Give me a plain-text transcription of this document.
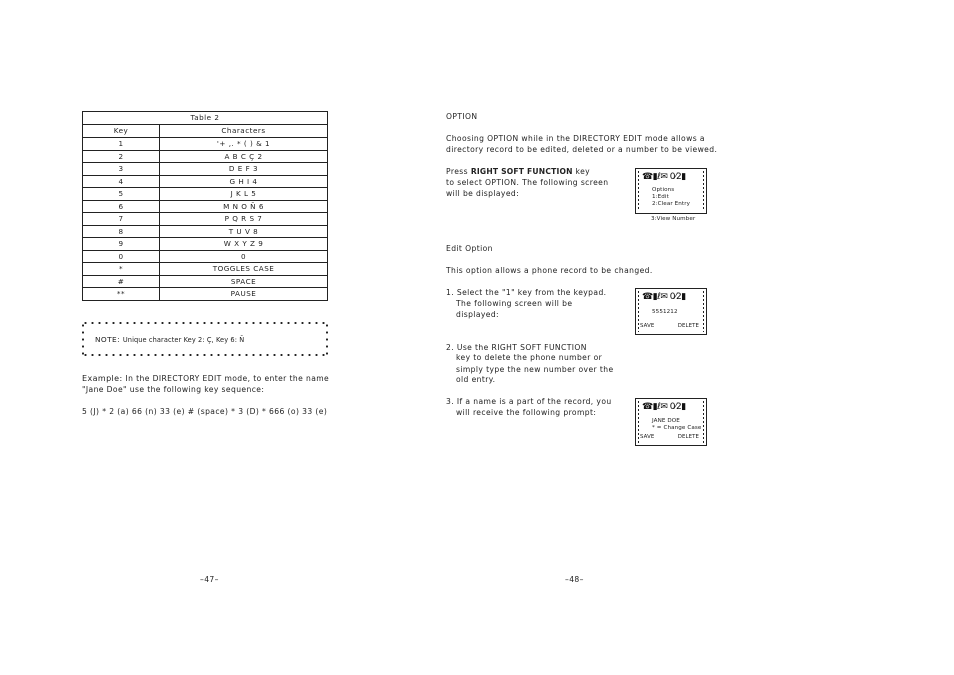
Table 2	
Key	Characters
1	'+ ,. * ( ) & 1
2	A B C Ç 2
3	D E F 3
4	G H I 4
5	J K L 5
6	M N O Ñ 6
7	P Q R S 7
8	T U V 8
9	W X Y Z 9
0	0
*	TOGGLES CASE
#	SPACE
**	PAUSE
NOTE: Unique character Key 2: Ç, Key 6: Ñ
Example: In the DIRECTORY EDIT mode, to enter the name
"Jane Doe" use the following key sequence:
5 (J) * 2 (a) 66 (n) 33 (e) # (space) * 3 (D) * 666 (o) 33 (e)
–47–
OPTION
Choosing OPTION while in the DIRECTORY EDIT mode allows a
directory record to be edited, deleted or a number to be viewed.
Press RIGHT SOFT FUNCTION key
to select OPTION. The following screen
will be displayed:
☎▮ℓ✉ 0⁄2▮
Options
1:Edit
2:Clear Entry
3:View Number
Edit Option
This option allows a phone record to be changed.
1. Select the "1" key from the keypad.
The following screen will be
displayed:
☎▮ℓ✉ 0⁄2▮
5551212
SAVE	DELETE
2. Use the RIGHT SOFT FUNCTION
key to delete the phone number or
simply type the new number over the
old entry.
3. If a name is a part of the record, you
will receive the following prompt:
☎▮ℓ✉ 0⁄2▮
JANE DOE
* = Change Case
SAVE	DELETE
–48–
